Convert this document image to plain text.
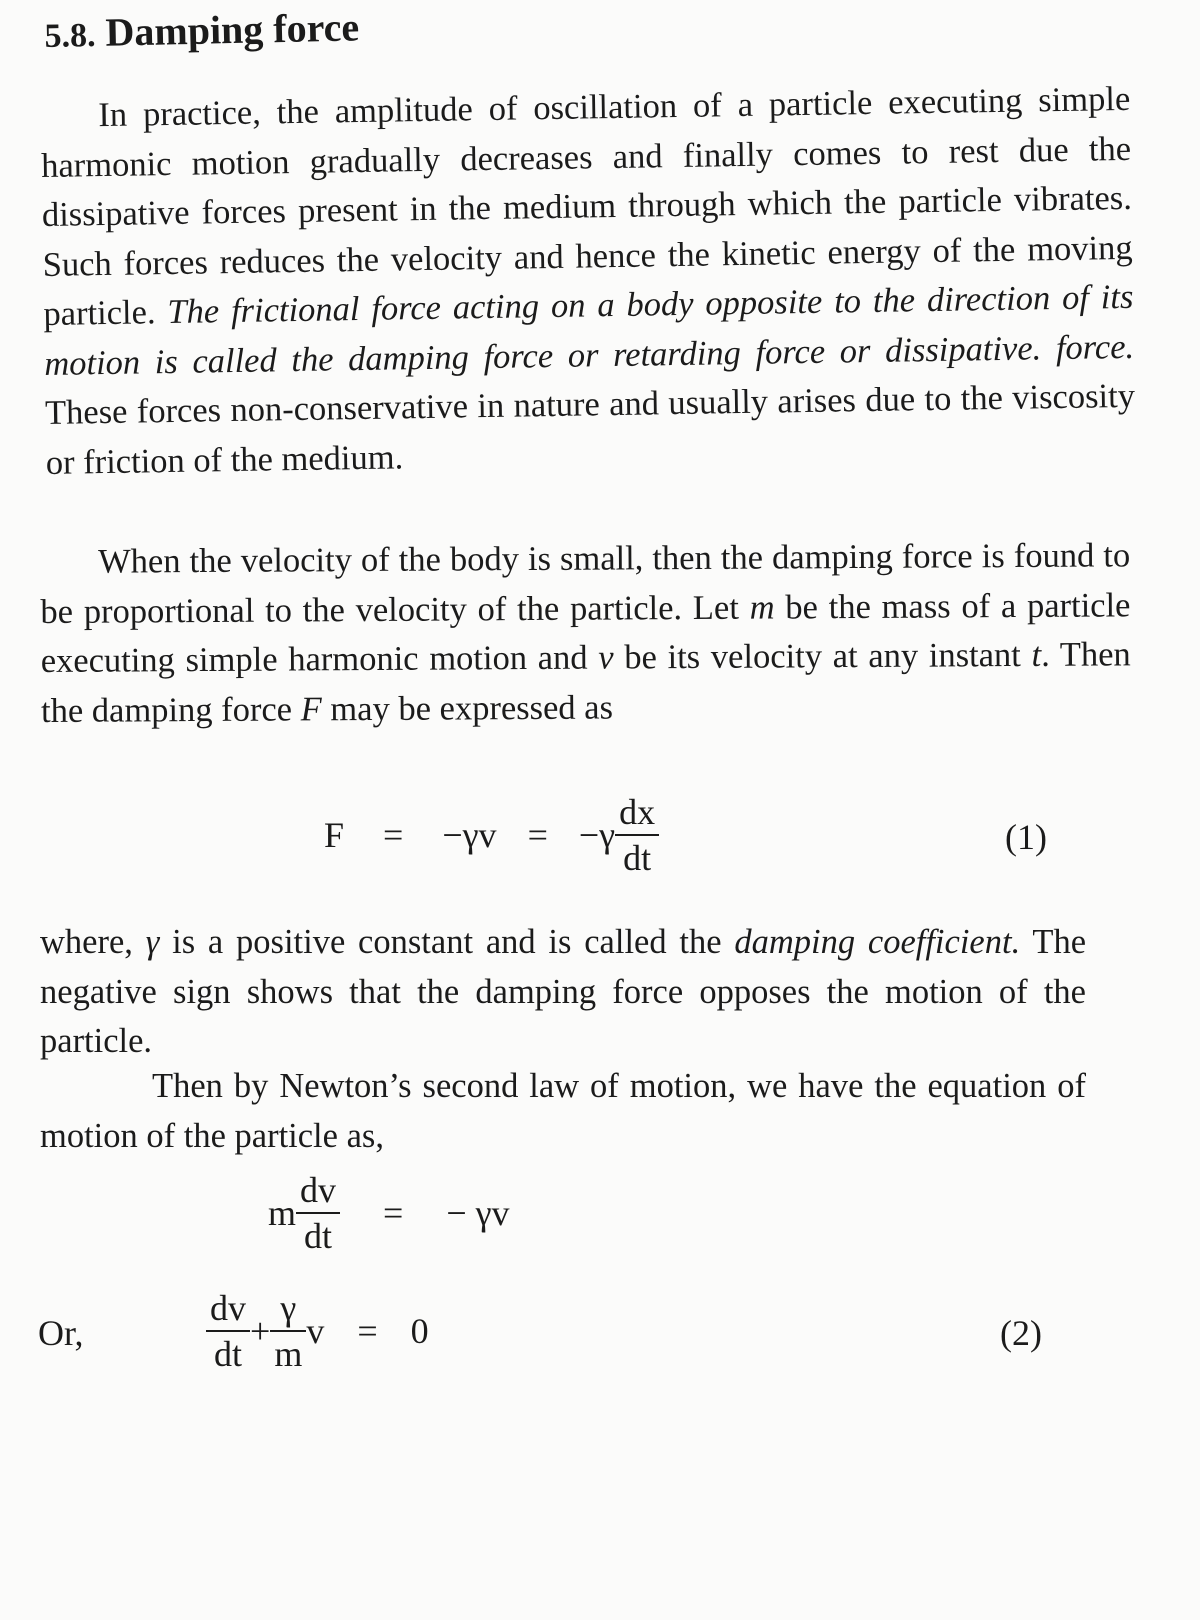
5.8. Damping force

In practice, the amplitude of oscillation of a particle executing simple harmonic motion gradually decreases and finally comes to rest due the dissipative forces present in the medium through which the particle vibrates. Such forces reduces the velocity and hence the kinetic energy of the moving particle. The frictional force acting on a body opposite to the direction of its motion is called the damping force or retarding force or dissipative. force. These forces non-conservative in nature and usually arises due to the viscosity or friction of the medium.

When the velocity of the body is small, then the damping force is found to be proportional to the velocity of the particle. Let m be the mass of a particle executing simple harmonic motion and v be its velocity at any instant t. Then the damping force F may be expressed as

$F = -\gamma v = -\gamma \frac{dx}{dt}$	(1)

where, γ is a positive constant and is called the damping coefficient. The negative sign shows that the damping force opposes the motion of the particle.

Then by Newton’s second law of motion, we have the equation of motion of the particle as,

m $\frac{dv}{dt}$ = − γv
Or,	$\frac{dv}{dt} + \frac{\gamma}{m}$ v = 0	(2)
